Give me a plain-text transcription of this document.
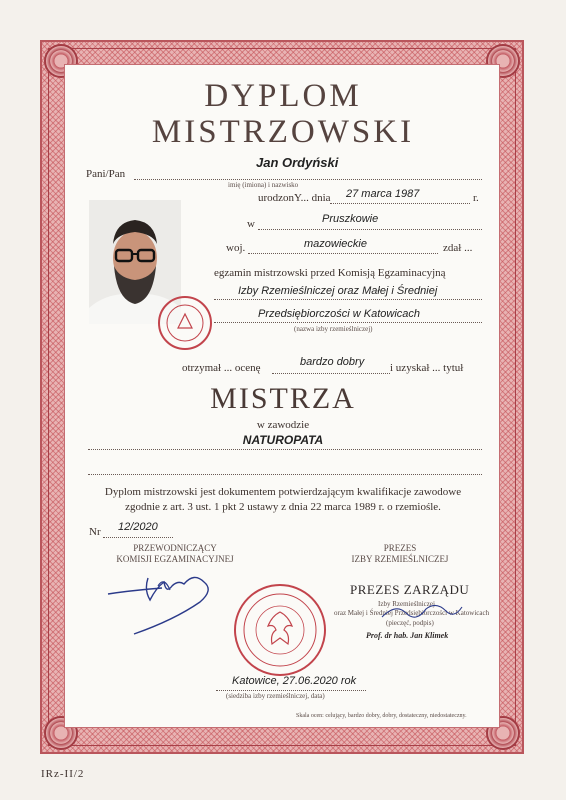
DYPLOM
MISTRZOWSKI
Pani/Pan
Jan Ordyński
imię (imiona) i nazwisko
urodzonY... dnia 27 marca 1987	r.
w	Pruszkowie
woj.	mazowieckie	zdał ...
egzamin mistrzowski przed Komisją Egzaminacyjną
Izby Rzemieślniczej oraz Małej i Średniej
Przedsiębiorczości w Katowicach
(nazwa izby rzemieślniczej)
otrzymał ... ocenę	bardzo dobry i uzyskał ... tytuł
MISTRZA
w zawodzie
NATUROPATA
Dyplom mistrzowski jest dokumentem potwierdzającym kwalifikacje zawodowe
zgodnie z art. 3 ust. 1 pkt 2 ustawy z dnia 22 marca 1989 r. o rzemiośle.
Nr 12/2020
PRZEWODNICZĄCY
KOMISJI EGZAMINACYJNEJ
PREZES
IZBY RZEMIEŚLNICZEJ
PREZES ZARZĄDU
Izby Rzemieślniczej
oraz Małej i Średniej Przedsiębiorczości w Katowicach
(pieczęć, podpis)
Prof. dr hab. Jan Klimek
Katowice, 27.06.2020 rok
(siedziba izby rzemieślniczej, data)
Skala ocen: celujący, bardzo dobry, dobry, dostateczny, niedostateczny.
IRz-II/2
